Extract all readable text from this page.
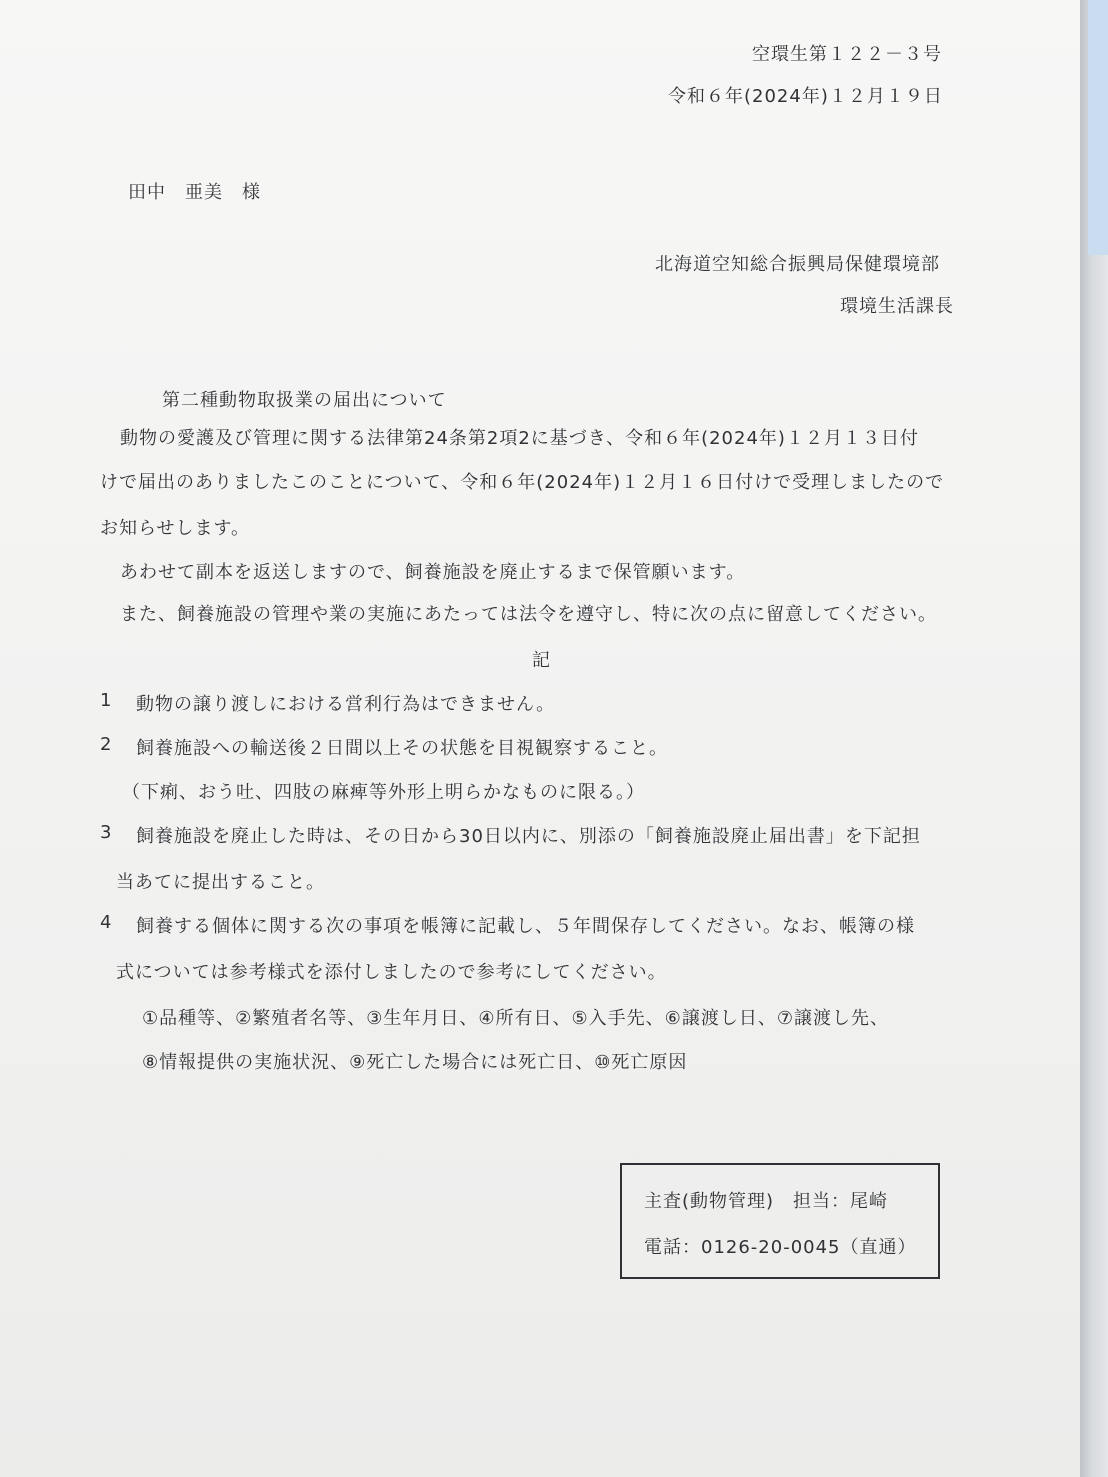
空環生第１２２－３号
令和６年(2024年)１２月１９日
田中　亜美　様
北海道空知総合振興局保健環境部
環境生活課長
第二種動物取扱業の届出について
動物の愛護及び管理に関する法律第24条第2項2に基づき、令和６年(2024年)１２月１３日付
けで届出のありましたこのことについて、令和６年(2024年)１２月１６日付けで受理しましたので
お知らせします。
あわせて副本を返送しますので、飼養施設を廃止するまで保管願います。
また、飼養施設の管理や業の実施にあたっては法令を遵守し、特に次の点に留意してください。
記
1 動物の譲り渡しにおける営利行為はできません。
2 飼養施設への輸送後２日間以上その状態を目視観察すること。
（下痢、おう吐、四肢の麻痺等外形上明らかなものに限る。）
3 飼養施設を廃止した時は、その日から30日以内に、別添の「飼養施設廃止届出書」を下記担
当あてに提出すること。
4 飼養する個体に関する次の事項を帳簿に記載し、５年間保存してください。なお、帳簿の様
式については参考様式を添付しましたので参考にしてください。
①品種等、②繁殖者名等、③生年月日、④所有日、⑤入手先、⑥譲渡し日、⑦譲渡し先、
⑧情報提供の実施状況、⑨死亡した場合には死亡日、⑩死亡原因
主査(動物管理)　担当：尾崎
電話：0126-20-0045（直通）
